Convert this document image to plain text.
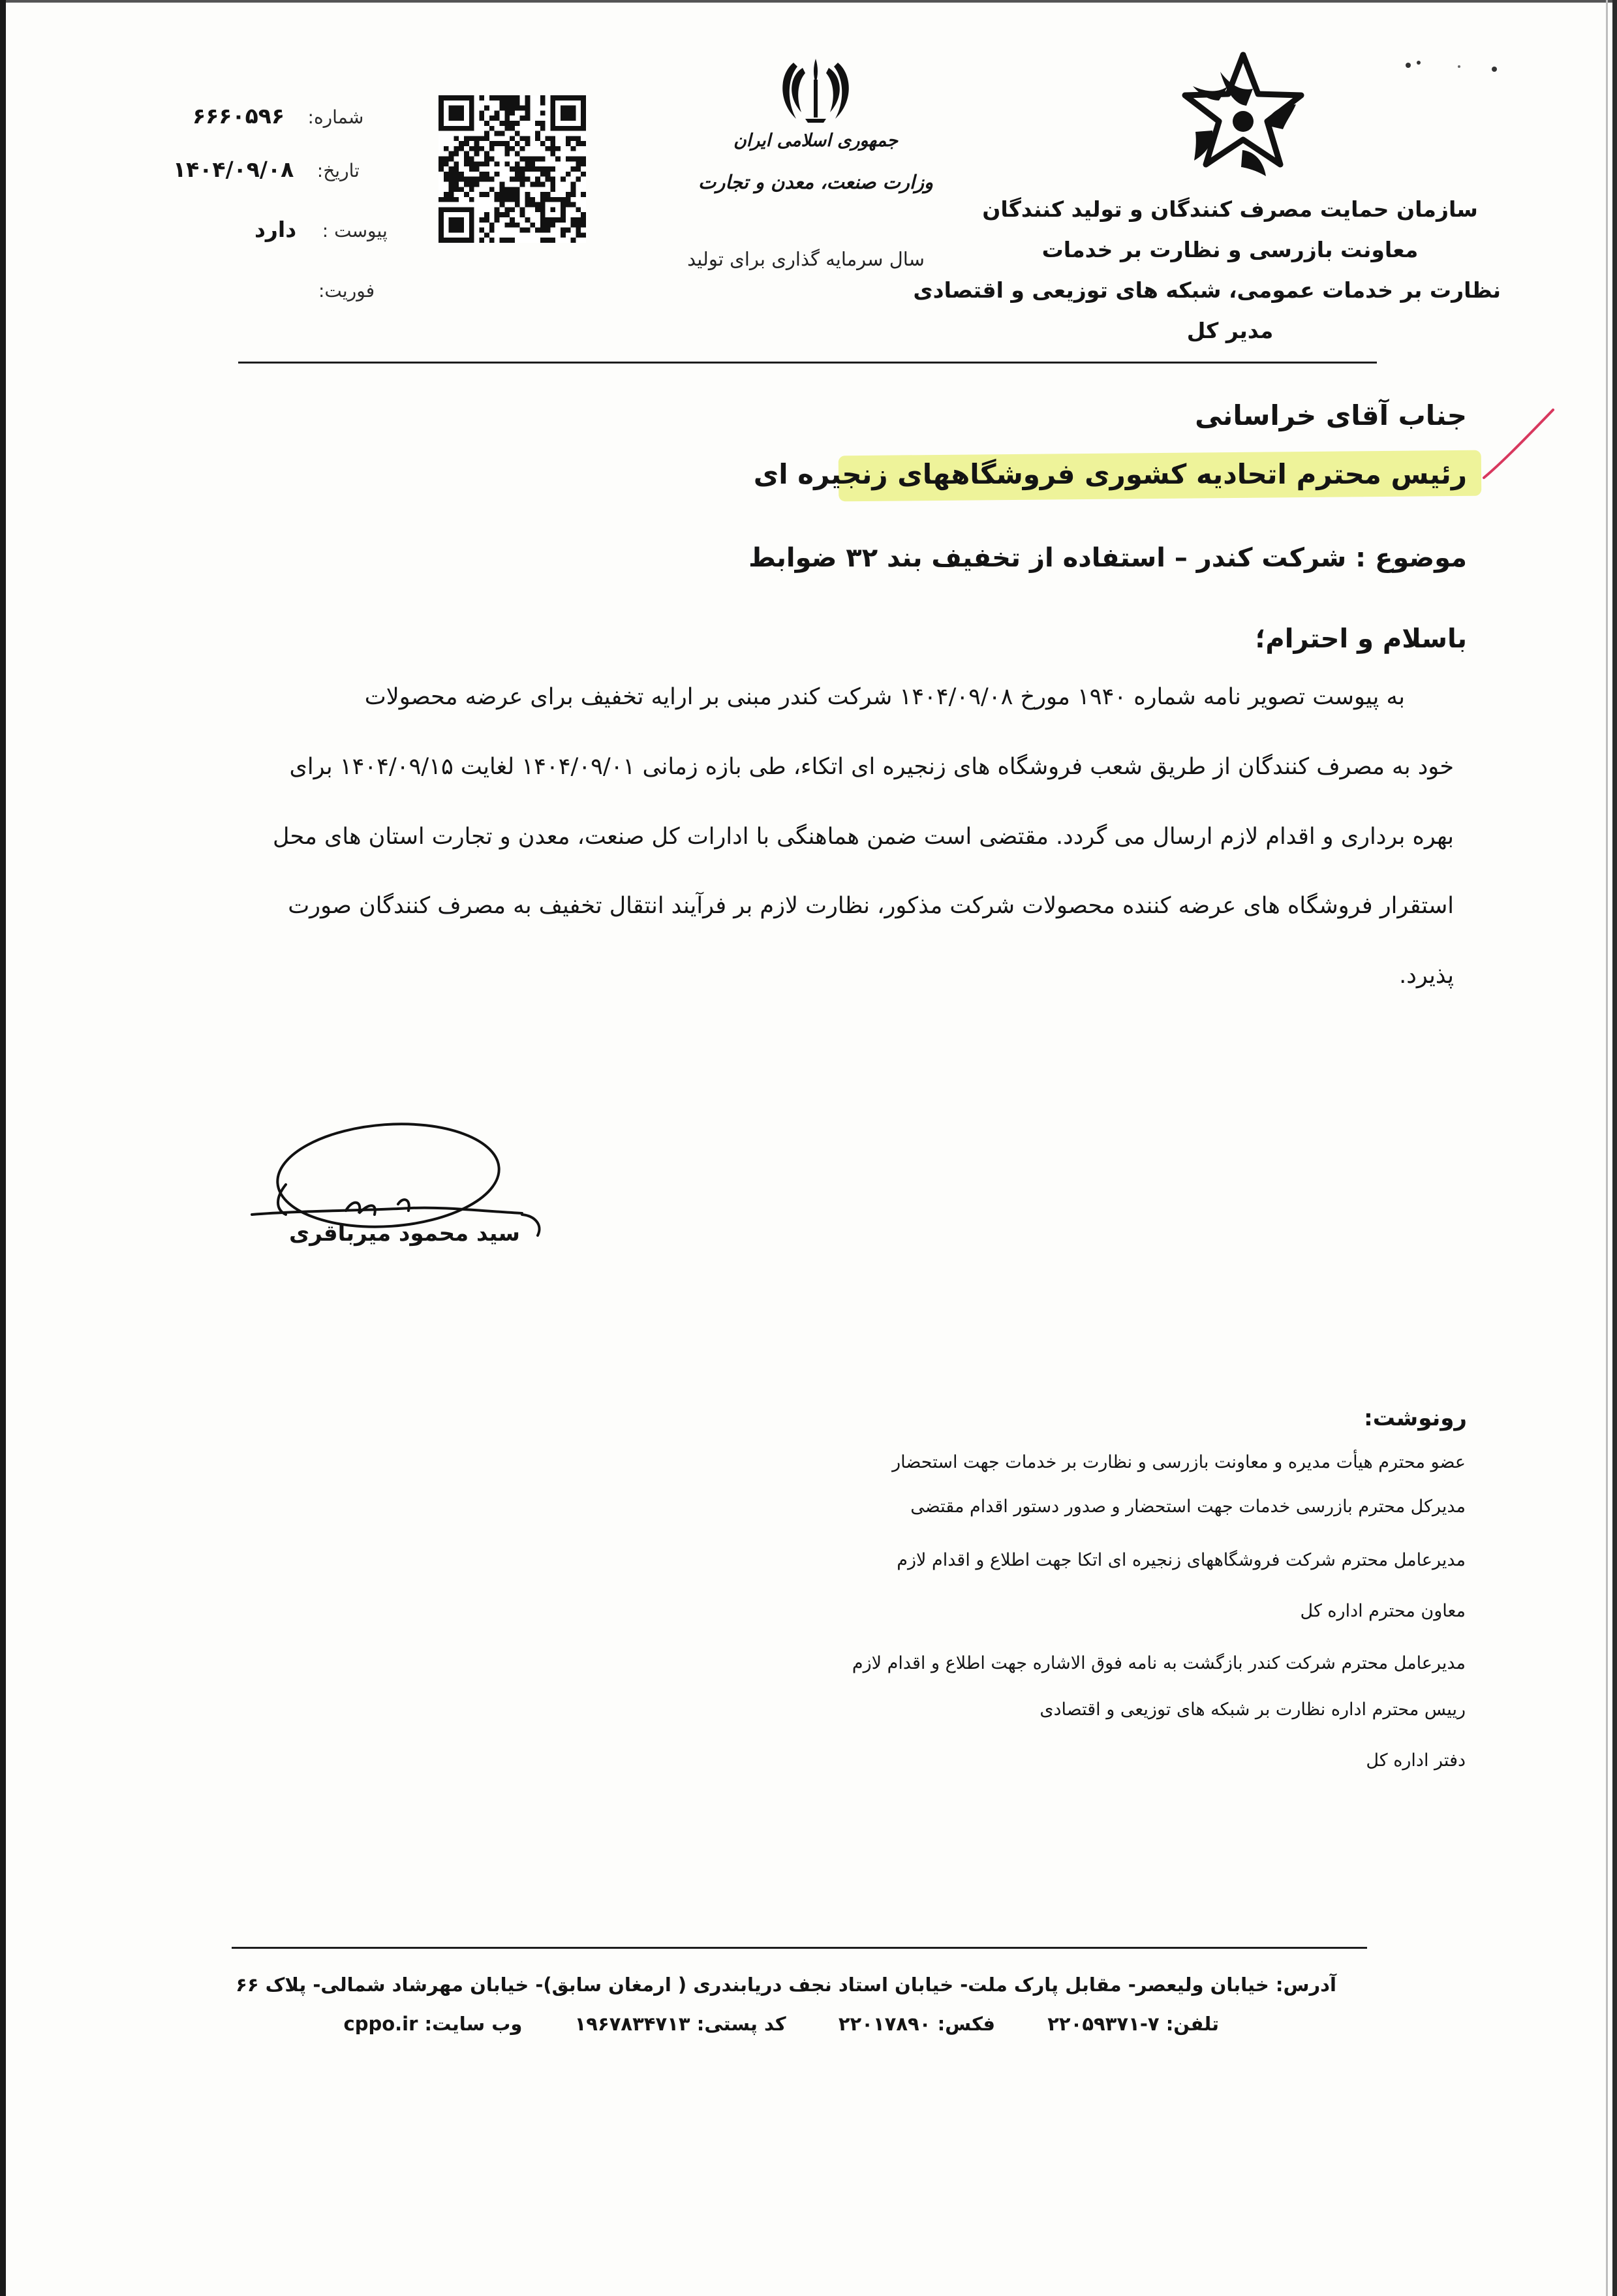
سازمان حمایت مصرف کنندگان و تولید کنندگان
معاونت بازرسی و نظارت بر خدمات
نظارت بر خدمات عمومی، شبکه های توزیعی و اقتصادی
مدیر کل
جمهوری اسلامی ایران
وزارت صنعت، معدن و تجارت
سال سرمایه گذاری برای تولید
شماره: ۶۶۶۰۵۹۶
تاریخ: ۱۴۰۴/۰۹/۰۸
پیوست : دارد
فوریت:
جناب آقای خراسانی
رئیس محترم اتحادیه کشوری فروشگاههای زنجیره ای
موضوع : شرکت کندر – استفاده از تخفیف بند ۳۲ ضوابط
باسلام و احترام؛
به پیوست تصویر نامه شماره ۱۹۴۰ مورخ ۱۴۰۴/۰۹/۰۸ شرکت کندر مبنی بر ارایه تخفیف برای عرضه محصولات
خود به مصرف کنندگان از طریق شعب فروشگاه های زنجیره ای اتکاء، طی بازه زمانی ۱۴۰۴/۰۹/۰۱ لغایت ۱۴۰۴/۰۹/۱۵ برای
بهره برداری و اقدام لازم ارسال می گردد. مقتضی است ضمن هماهنگی با ادارات کل صنعت، معدن و تجارت استان های محل
استقرار فروشگاه های عرضه کننده محصولات شرکت مذکور، نظارت لازم بر فرآیند انتقال تخفیف به مصرف کنندگان صورت
پذیرد.
سید محمود میرباقری
رونوشت:
عضو محترم هیأت مدیره و معاونت بازرسی و نظارت بر خدمات جهت استحضار
مدیرکل محترم بازرسی خدمات جهت استحضار و صدور دستور اقدام مقتضی
مدیرعامل محترم شرکت فروشگاههای زنجیره ای اتکا جهت اطلاع و اقدام لازم
معاون محترم اداره کل
مدیرعامل محترم شرکت کندر بازگشت به نامه فوق الاشاره جهت اطلاع و اقدام لازم
رییس محترم اداره نظارت بر شبکه های توزیعی و اقتصادی
دفتر اداره کل
آدرس: خیابان ولیعصر- مقابل پارک ملت- خیابان استاد نجف دریابندری ( ارمغان سابق)- خیابان مهرشاد شمالی- پلاک ۶۶
تلفن: ۷-۲۲۰۵۹۳۷۱  فکس: ۲۲۰۱۷۸۹۰  کد پستی: ۱۹۶۷۸۳۴۷۱۳  وب سایت: cppo.ir
